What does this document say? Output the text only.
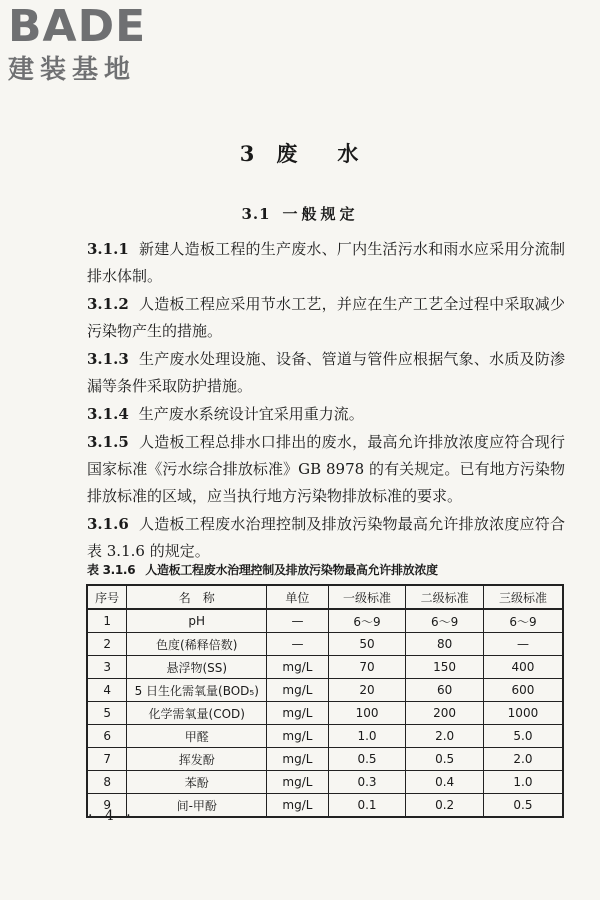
BADE
建装基地
3 废 水
3.1 一般规定

3.1.1 新建人造板工程的生产废水、厂内生活污水和雨水应采用分流制排水体制。

3.1.2 人造板工程应采用节水工艺，并应在生产工艺全过程中采取减少污染物产生的措施。

3.1.3 生产废水处理设施、设备、管道与管件应根据气象、水质及防渗漏等条件采取防护措施。

3.1.4 生产废水系统设计宜采用重力流。

3.1.5 人造板工程总排水口排出的废水，最高允许排放浓度应符合现行国家标准《污水综合排放标准》GB 8978 的有关规定。已有地方污染物排放标准的区域，应当执行地方污染物排放标准的要求。

3.1.6 人造板工程废水治理控制及排放污染物最高允许排放浓度应符合表 3.1.6 的规定。

表 3.1.6 人造板工程废水治理控制及排放污染物最高允许排放浓度
序号	名　称	单位	一级标准	二级标准	三级标准
1	pH	—	6～9	6～9	6～9
2	色度(稀释倍数)	—	50	80	—
3	悬浮物(SS)	mg/L	70	150	400
4	5 日生化需氧量(BOD₅)	mg/L	20	60	600
5	化学需氧量(COD)	mg/L	100	200	1000
6	甲醛	mg/L	1.0	2.0	5.0
7	挥发酚	mg/L	0.5	0.5	2.0
8	苯酚	mg/L	0.3	0.4	1.0
9	间-甲酚	mg/L	0.1	0.2	0.5
· 4 ·
